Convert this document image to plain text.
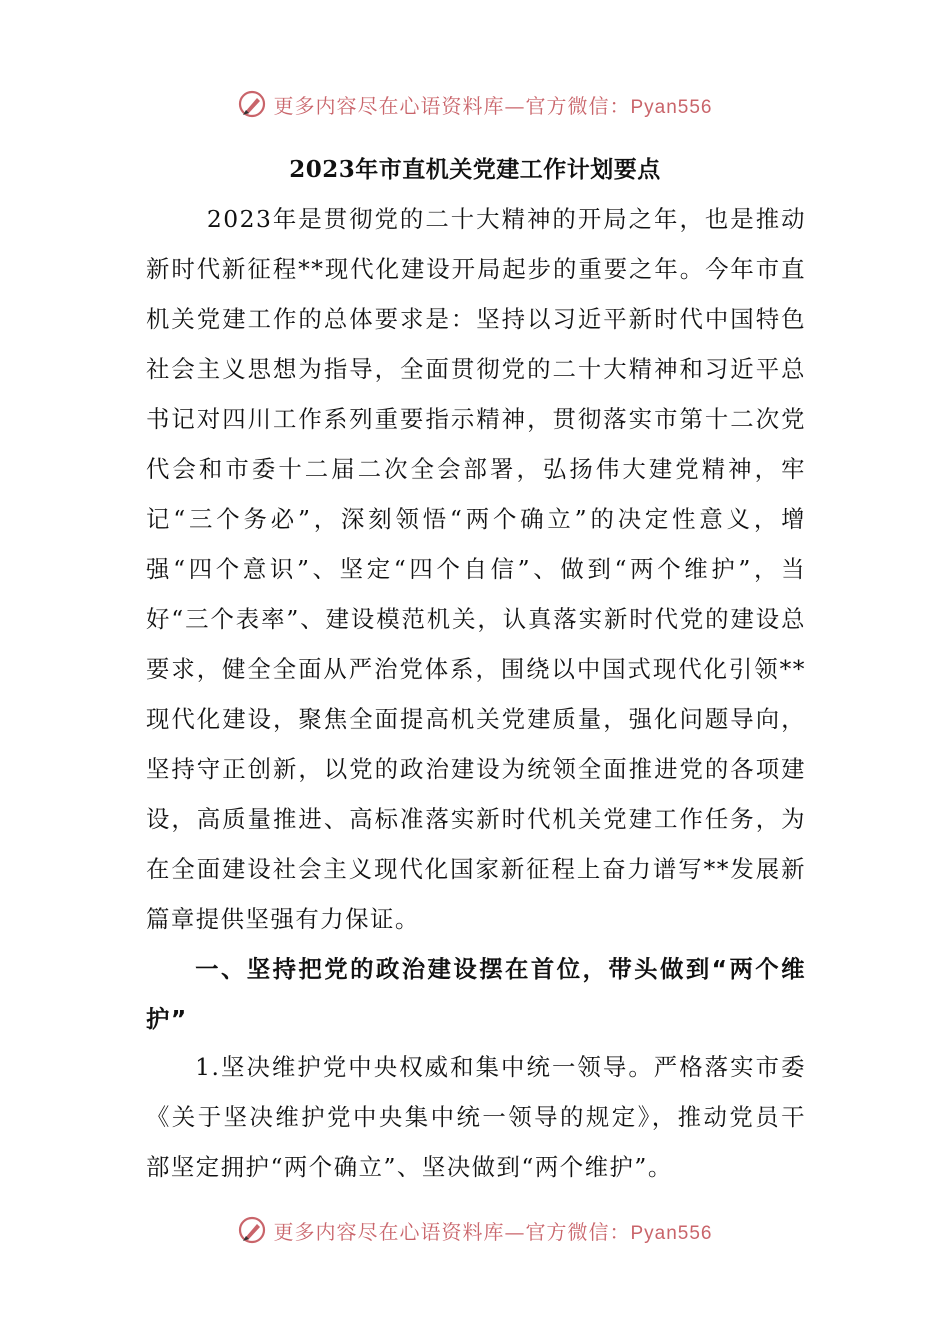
更多内容尽在心语资料库—官方微信：Pyan556
2023年市直机关党建工作计划要点
2023年是贯彻党的二十大精神的开局之年，也是推动新时代新征程**现代化建设开局起步的重要之年。今年市直机关党建工作的总体要求是：坚持以习近平新时代中国特色社会主义思想为指导，全面贯彻党的二十大精神和习近平总书记对四川工作系列重要指示精神，贯彻落实市第十二次党代会和市委十二届二次全会部署，弘扬伟大建党精神，牢记“三个务必”，深刻领悟“两个确立”的决定性意义，增强“四个意识”、坚定“四个自信”、做到“两个维护”，当好“三个表率”、建设模范机关，认真落实新时代党的建设总要求，健全全面从严治党体系，围绕以中国式现代化引领**现代化建设，聚焦全面提高机关党建质量，强化问题导向，坚持守正创新，以党的政治建设为统领全面推进党的各项建设，高质量推进、高标准落实新时代机关党建工作任务，为在全面建设社会主义现代化国家新征程上奋力谱写**发展新篇章提供坚强有力保证。
一、坚持把党的政治建设摆在首位，带头做到“两个维护”
1.坚决维护党中央权威和集中统一领导。严格落实市委《关于坚决维护党中央集中统一领导的规定》，推动党员干部坚定拥护“两个确立”、坚决做到“两个维护”。
更多内容尽在心语资料库—官方微信：Pyan556
